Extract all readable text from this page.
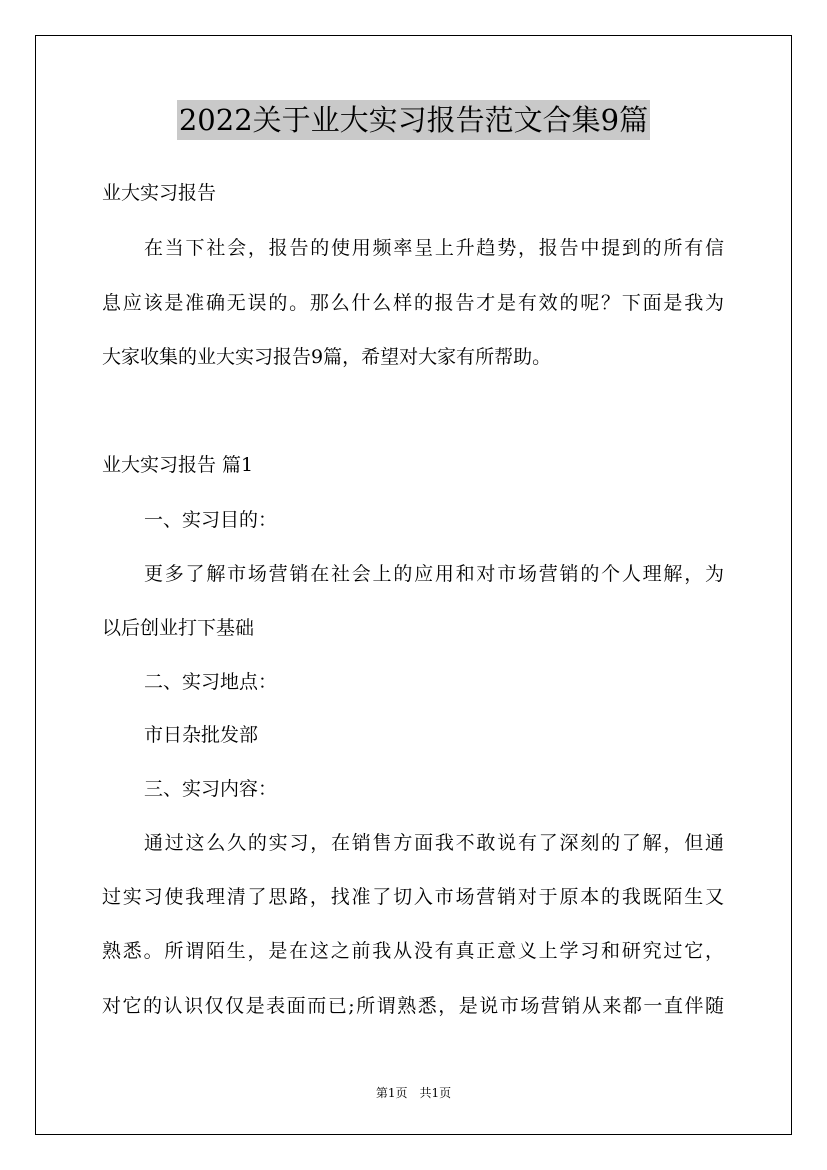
2022关于业大实习报告范文合集9篇
业大实习报告
在当下社会，报告的使用频率呈上升趋势，报告中提到的所有信
息应该是准确无误的。那么什么样的报告才是有效的呢？下面是我为
大家收集的业大实习报告9篇，希望对大家有所帮助。
业大实习报告 篇1
一、实习目的：
更多了解市场营销在社会上的应用和对市场营销的个人理解，为
以后创业打下基础
二、实习地点：
市日杂批发部
三、实习内容：
通过这么久的实习，在销售方面我不敢说有了深刻的了解，但通
过实习使我理清了思路，找准了切入市场营销对于原本的我既陌生又
熟悉。所谓陌生，是在这之前我从没有真正意义上学习和研究过它，
对它的认识仅仅是表面而已;所谓熟悉，是说市场营销从来都一直伴随
第1页　共1页
